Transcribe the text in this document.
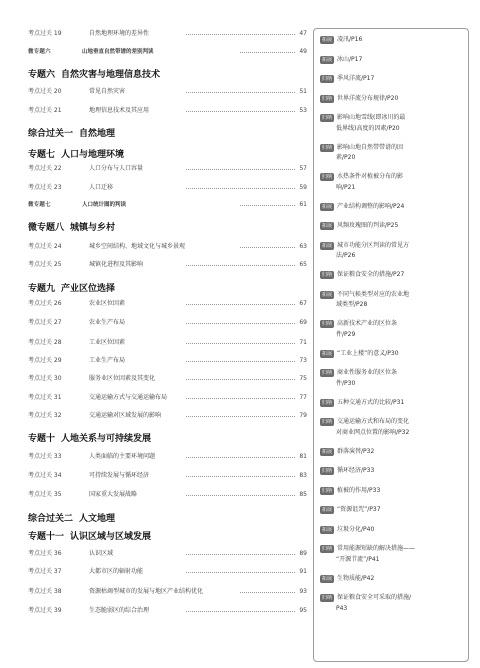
考点过关 19	自然地理环境的差异性	47
微专题六	山地垂直自然带谱的差别判读	49
专题六 自然灾害与地理信息技术
考点过关 20	常见自然灾害	51
考点过关 21	地理信息技术及其应用	53
综合过关一 自然地理
专题七 人口与地理环境
考点过关 22	人口分布与人口容量	57
考点过关 23	人口迁移	59
微专题七	人口统计图的判读	61
微专题八 城镇与乡村
考点过关 24	城乡空间结构、地域文化与城乡景观	63
考点过关 25	城镇化进程及其影响	65
专题九 产业区位选择
考点过关 26	农业区位因素	67
考点过关 27	农业生产布局	69
考点过关 28	工业区位因素	71
考点过关 29	工业生产布局	73
考点过关 30	服务业区位因素及其变化	75
考点过关 31	交通运输方式与交通运输布局	77
考点过关 32	交通运输对区域发展的影响	79
专题十 人地关系与可持续发展
考点过关 33	人类面临的主要环境问题	81
考点过关 34	可持续发展与循环经济	83
考点过关 35	国家重大发展战略	85
综合过关二 人文地理
专题十一 认识区域与区域发展
考点过关 36	认识区域	89
考点过关 37	大都市区的辐射功能	91
考点过关 38	资源枯竭型城市的发展与地区产业结构优化	93
考点过关 39	生态脆弱区的综合治理	95
拓展 凌汛/P16
拓展 冰山/P17
归纳 季风洋流/P17
归纳 世界洋流分布规律/P20
归纳 影响山地雪线(即冰川的最
低界线)高度的因素/P20
归纳 影响山地自然带带谱的因
素/P20
归纳 水热条件对植被分布的影
响/P21
拓展 产业结构调整的影响/P24
拓展 风频玫瑰图的判读/P25
拓展 城市功能分区判读的常见方
法/P26
归纳 保证粮食安全的措施/P27
拓展 不同气候类型对应的农业地
域类型/P28
归纳 高新技术产业的区位条
件/P29
拓展 “工业上楼”的意义/P30
归纳 商业性服务业的区位条
件/P30
归纳 五种交通方式的比较/P31
归纳 交通运输方式和布局的变化
对商业网点位置的影响/P32
拓展 群落演替/P32
归纳 循环经济/P33
归纳 植被的作用/P33
拓展 “资源诅咒”/P37
拓展 垃圾分化/P40
归纳 常用能源短缺的解决措施——
“开源节流”/P41
拓展 生物质能/P42
归纳 保证粮食安全可采取的措施/
P43
